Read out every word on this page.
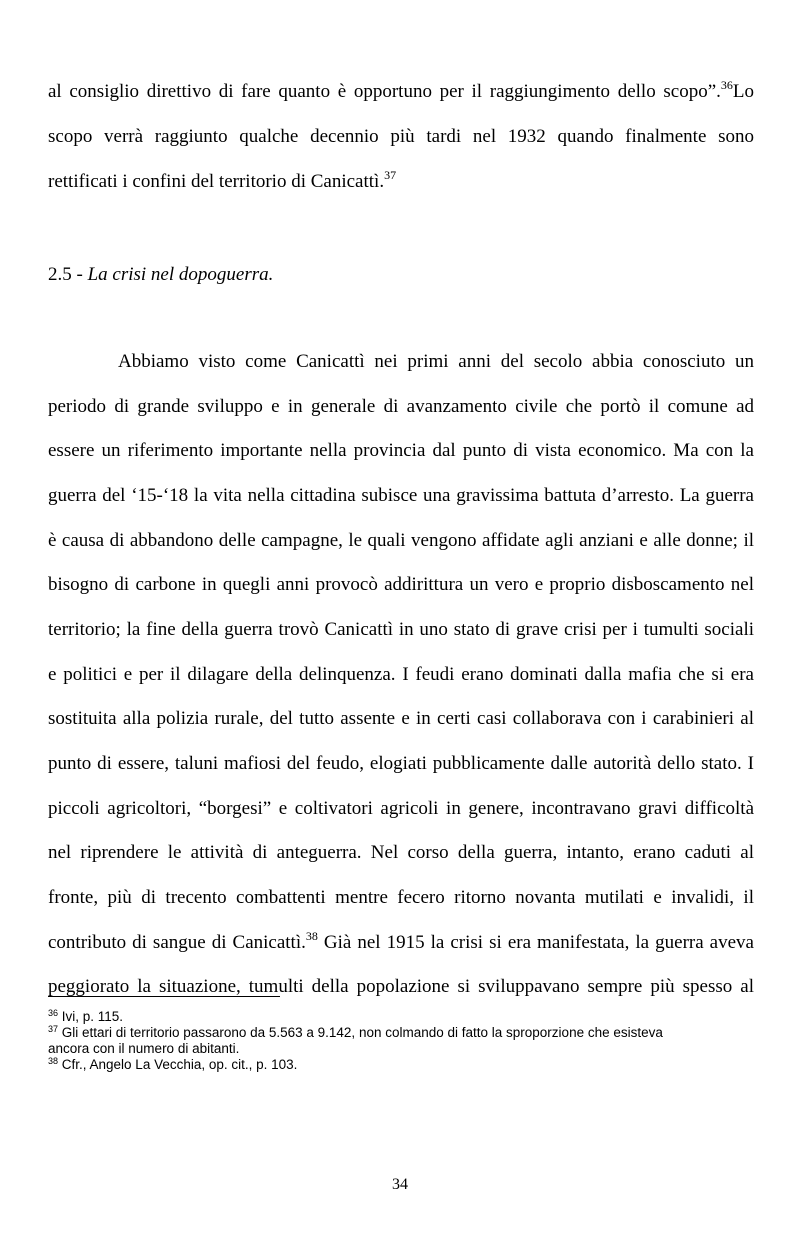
al consiglio direttivo di fare quanto è opportuno per il raggiungimento dello scopo”.$^{36}$Lo
scopo verrà raggiunto qualche decennio più tardi nel 1932 quando finalmente sono
rettificati i confini del territorio di Canicattì.$^{37}$
2.5 - La crisi nel dopoguerra.
Abbiamo visto come Canicattì nei primi anni del secolo abbia conosciuto un
periodo di grande sviluppo e in generale di avanzamento civile che portò il comune ad
essere un riferimento importante nella provincia dal punto di vista economico. Ma con la
guerra del ‘15-‘18 la vita nella cittadina subisce una gravissima battuta d’arresto. La guerra
è causa di abbandono delle campagne, le quali vengono affidate agli anziani e alle donne; il
bisogno di carbone in quegli anni provocò addirittura un vero e proprio disboscamento nel
territorio; la fine della guerra trovò Canicattì in uno stato di grave crisi per i tumulti sociali
e politici e per il dilagare della delinquenza. I feudi erano dominati dalla mafia che si era
sostituita alla polizia rurale, del tutto assente e in certi casi collaborava con i carabinieri al
punto di essere, taluni mafiosi del feudo, elogiati pubblicamente dalle autorità dello stato. I
piccoli agricoltori, “borgesi” e coltivatori agricoli in genere, incontravano gravi difficoltà
nel riprendere le attività di anteguerra. Nel corso della guerra, intanto, erano caduti al
fronte, più di trecento combattenti mentre fecero ritorno novanta mutilati e invalidi, il
contributo di sangue di Canicattì.$^{38}$ Già nel 1915 la crisi si era manifestata, la guerra aveva
peggiorato la situazione, tumulti della popolazione si sviluppavano sempre più spesso al
$^{36}$ Ivi, p. 115.
$^{37}$ Gli ettari di territorio passarono da 5.563 a 9.142, non colmando di fatto la sproporzione che esisteva
ancora con il numero di abitanti.
$^{38}$ Cfr., Angelo La Vecchia, op. cit., p. 103.
34
